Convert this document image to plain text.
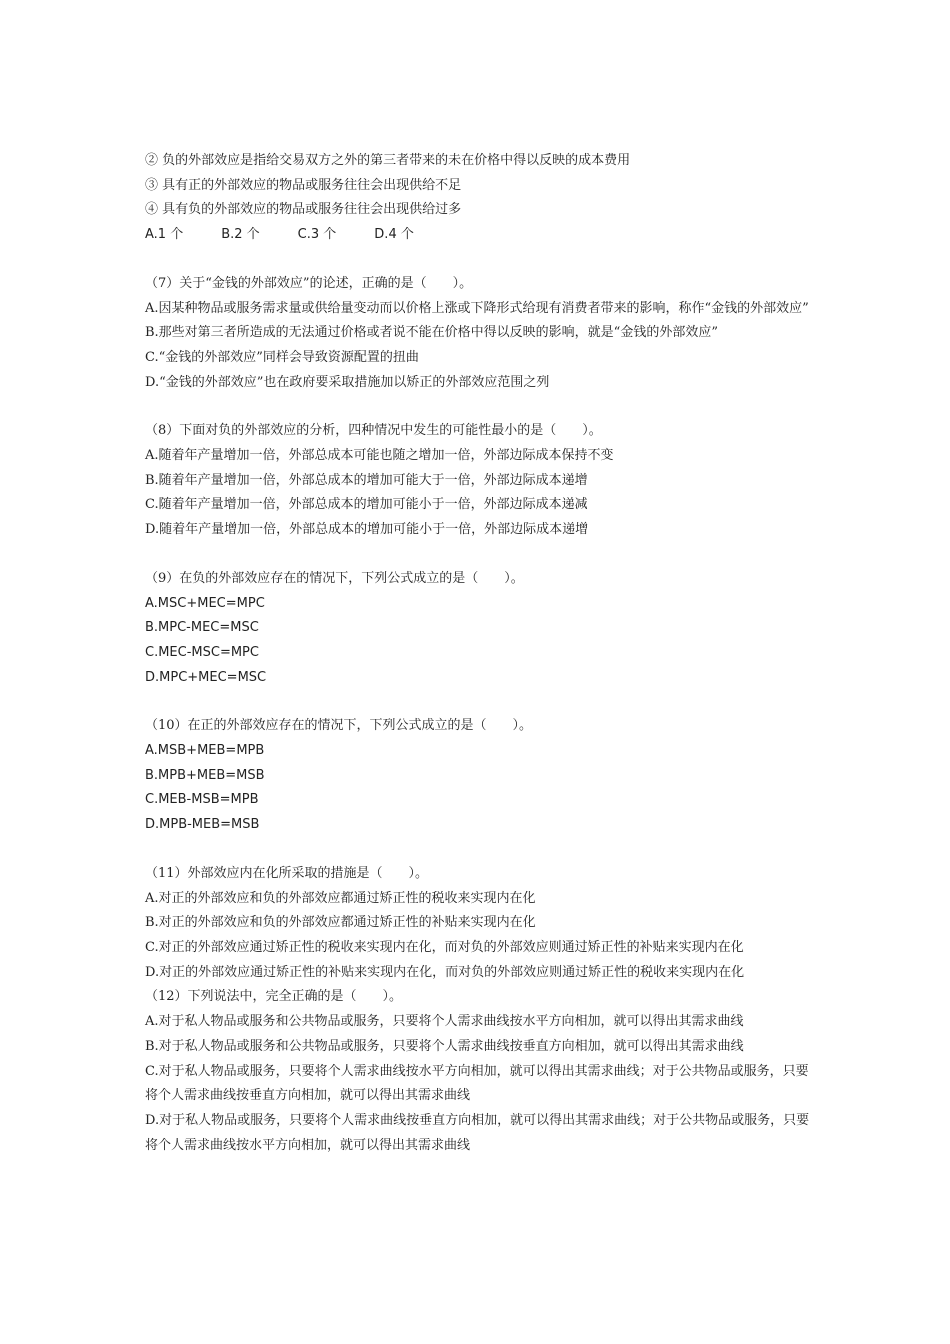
② 负的外部效应是指给交易双方之外的第三者带来的未在价格中得以反映的成本费用

③ 具有正的外部效应的物品或服务往往会出现供给不足

④ 具有负的外部效应的物品或服务往往会出现供给过多

A.1 个	B.2 个	C.3 个	D.4 个

（7）关于“金钱的外部效应”的论述，正确的是（　　）。

A.因某种物品或服务需求量或供给量变动而以价格上涨或下降形式给现有消费者带来的影响，称作“金钱的外部效应”

B.那些对第三者所造成的无法通过价格或者说不能在价格中得以反映的影响，就是“金钱的外部效应”

C.“金钱的外部效应”同样会导致资源配置的扭曲

D.“金钱的外部效应”也在政府要采取措施加以矫正的外部效应范围之列

（8）下面对负的外部效应的分析，四种情况中发生的可能性最小的是（　　）。

A.随着年产量增加一倍，外部总成本可能也随之增加一倍，外部边际成本保持不变

B.随着年产量增加一倍，外部总成本的增加可能大于一倍，外部边际成本递增

C.随着年产量增加一倍，外部总成本的增加可能小于一倍，外部边际成本递减

D.随着年产量增加一倍，外部总成本的增加可能小于一倍，外部边际成本递增

（9）在负的外部效应存在的情况下，下列公式成立的是（　　）。

A.MSC+MEC=MPC

B.MPC-MEC=MSC

C.MEC-MSC=MPC

D.MPC+MEC=MSC

（10）在正的外部效应存在的情况下，下列公式成立的是（　　）。

A.MSB+MEB=MPB

B.MPB+MEB=MSB

C.MEB-MSB=MPB

D.MPB-MEB=MSB

（11）外部效应内在化所采取的措施是（　　）。

A.对正的外部效应和负的外部效应都通过矫正性的税收来实现内在化

B.对正的外部效应和负的外部效应都通过矫正性的补贴来实现内在化

C.对正的外部效应通过矫正性的税收来实现内在化，而对负的外部效应则通过矫正性的补贴来实现内在化

D.对正的外部效应通过矫正性的补贴来实现内在化，而对负的外部效应则通过矫正性的税收来实现内在化

（12）下列说法中，完全正确的是（　　）。

A.对于私人物品或服务和公共物品或服务，只要将个人需求曲线按水平方向相加，就可以得出其需求曲线

B.对于私人物品或服务和公共物品或服务，只要将个人需求曲线按垂直方向相加，就可以得出其需求曲线

C.对于私人物品或服务，只要将个人需求曲线按水平方向相加，就可以得出其需求曲线；对于公共物品或服务，只要将个人需求曲线按垂直方向相加，就可以得出其需求曲线

D.对于私人物品或服务，只要将个人需求曲线按垂直方向相加，就可以得出其需求曲线；对于公共物品或服务，只要将个人需求曲线按水平方向相加，就可以得出其需求曲线
